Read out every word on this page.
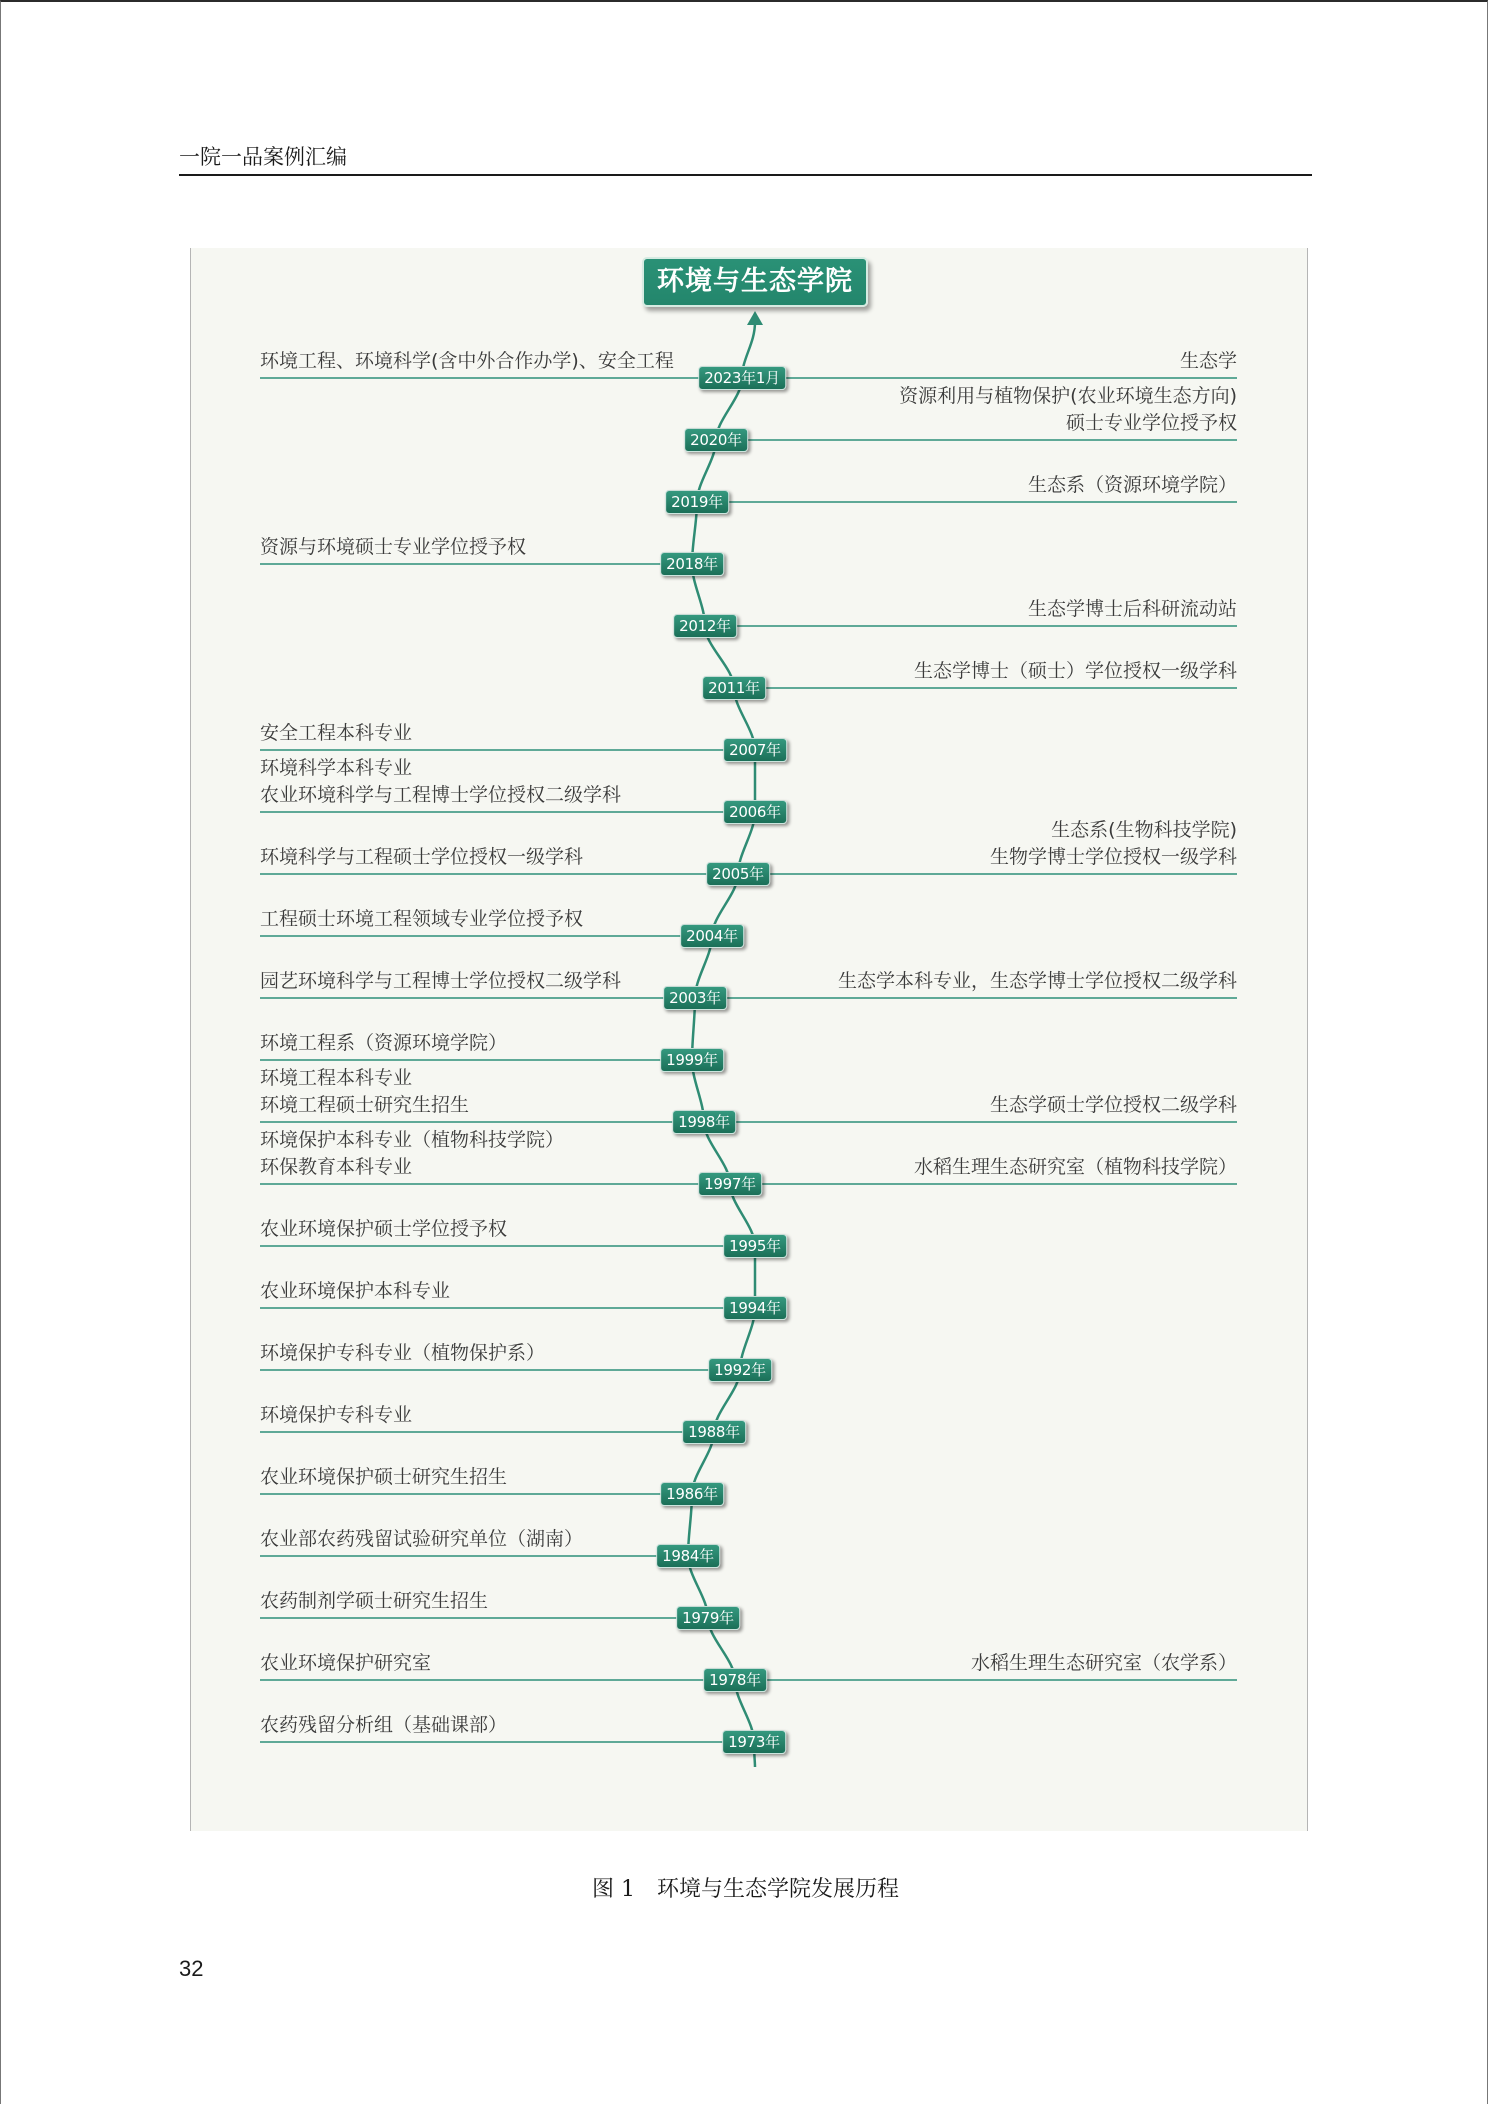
一院一品案例汇编
环境与生态学院
环境工程、环境科学(含中外合作办学)、安全工程	生态学
2023年1月
资源利用与植物保护(农业环境生态方向)
硕士专业学位授予权
2020年
生态系（资源环境学院）
2019年
资源与环境硕士专业学位授予权
2018年
生态学博士后科研流动站
2012年
生态学博士（硕士）学位授权一级学科
2011年
安全工程本科专业
2007年
环境科学本科专业
农业环境科学与工程博士学位授权二级学科
2006年
环境科学与工程硕士学位授权一级学科
生态系(生物科技学院)
生物学博士学位授权一级学科
2005年
工程硕士环境工程领域专业学位授予权
2004年
园艺环境科学与工程博士学位授权二级学科	生态学本科专业，生态学博士学位授权二级学科
2003年
环境工程系（资源环境学院）
1999年
环境工程本科专业
环境工程硕士研究生招生	生态学硕士学位授权二级学科
1998年
环境保护本科专业（植物科技学院）
环保教育本科专业	水稻生理生态研究室（植物科技学院）
1997年
农业环境保护硕士学位授予权
1995年
农业环境保护本科专业
1994年
环境保护专科专业（植物保护系）
1992年
环境保护专科专业
1988年
农业环境保护硕士研究生招生
1986年
农业部农药残留试验研究单位（湖南）
1984年
农药制剂学硕士研究生招生
1979年
农业环境保护研究室	水稻生理生态研究室（农学系）
1978年
农药残留分析组（基础课部）
1973年
图 1 环境与生态学院发展历程
32
